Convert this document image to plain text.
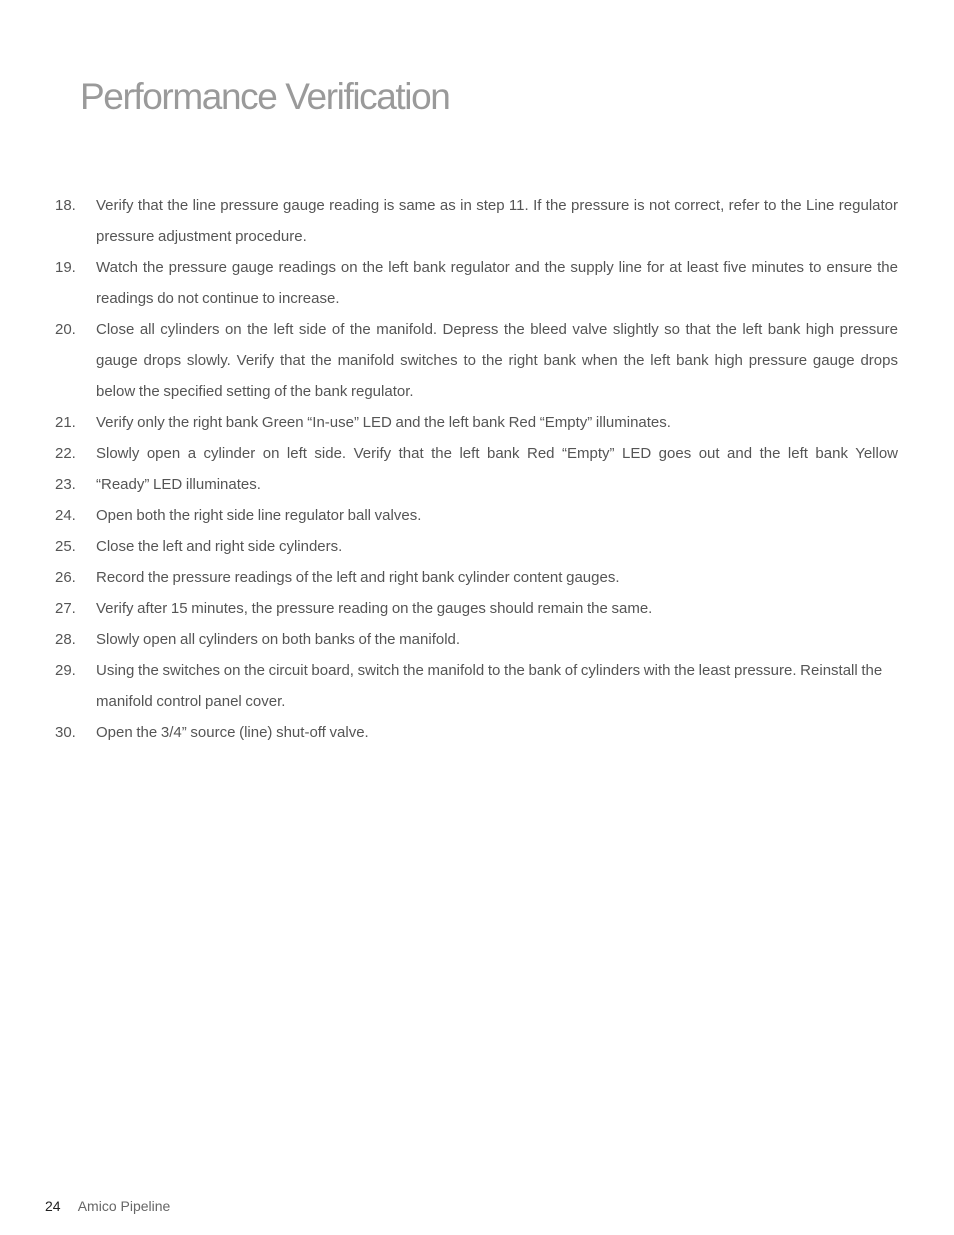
Performance Verification
18.	Verify that the line pressure gauge reading is same as in step 11. If the pressure is not correct, refer to the Line regulator pressure adjustment procedure.
19.	Watch the pressure gauge readings on the left bank regulator and the supply line for at least five minutes to ensure the readings do not continue to increase.
20.	Close all cylinders on the left side of the manifold. Depress the bleed valve slightly so that the left bank high pressure gauge drops slowly. Verify that the manifold switches to the right bank when the left bank high pressure gauge drops below the specified setting of the bank regulator.
21.	Verify only the right bank Green “In-use” LED and the left bank Red “Empty” illuminates.
22.	Slowly open a cylinder on left side. Verify that the left bank Red “Empty” LED goes out and the left bank Yellow
23.	“Ready” LED illuminates.
24.	Open both the right side line regulator ball valves.
25.	Close the left and right side cylinders.
26.	Record the pressure readings of the left and right bank cylinder content gauges.
27.	Verify after 15 minutes, the pressure reading on the gauges should remain the same.
28.	Slowly open all cylinders on both banks of the manifold.
29.	Using the switches on the circuit board, switch the manifold to the bank of cylinders with the least pressure. Reinstall the manifold control panel cover.
30.	Open the 3/4” source (line) shut-off valve.
24 Amico Pipeline
